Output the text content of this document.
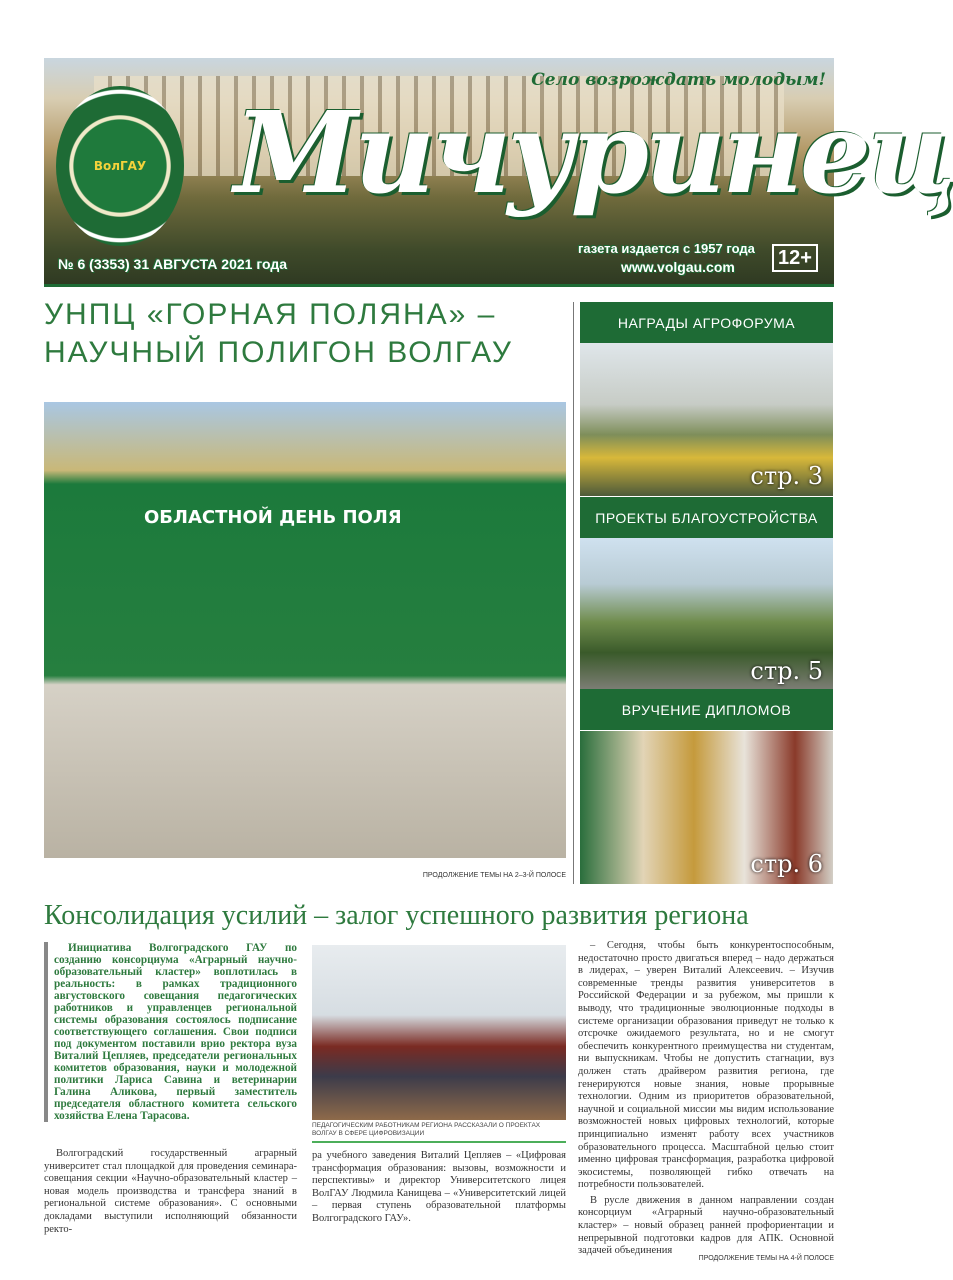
ВолГАУ
Село возрождать молодым!
Мичуринец
№ 6 (3353) 31 АВГУСТА 2021 года
газета издается с 1957 года
www.volgau.com	12+
УНПЦ «ГОРНАЯ ПОЛЯНА» – НАУЧНЫЙ ПОЛИГОН ВОЛГАУ
ОБЛАСТНОЙ ДЕНЬ ПОЛЯ
ПРОДОЛЖЕНИЕ ТЕМЫ НА 2–3-Й ПОЛОСЕ
НАГРАДЫ АГРОФОРУМА
стр. 3
ПРОЕКТЫ БЛАГОУСТРОЙСТВА
стр. 5
ВРУЧЕНИЕ ДИПЛОМОВ
стр. 6
Консолидация усилий – залог успешного развития региона

Инициатива Волгоградского ГАУ по созданию консорциума «Аграрный научно-образовательный кластер» воплотилась в реальность: в рамках традиционного августовского совещания педагогических работников и управленцев региональной системы образования состоялось подписание соответствующего соглашения. Свои подписи под документом поставили врио ректора вуза Виталий Цепляев, председатели региональных комитетов образования, науки и молодежной политики Лариса Савина и ветеринарии Галина Аликова, первый заместитель председателя областного комитета сельского хозяйства Елена Тарасова.

Волгоградский государственный аграрный университет стал площадкой для проведения семинара-совещания секции «Научно-образовательный кластер – новая модель производства и трансфера знаний в региональной системе образования». С основными докладами выступили исполняющий обязанности ректо-

ПЕДАГОГИЧЕСКИМ РАБОТНИКАМ РЕГИОНА РАССКАЗАЛИ О ПРОЕКТАХ ВОЛГАУ В СФЕРЕ ЦИФРОВИЗАЦИИ

ра учебного заведения Виталий Цепляев – «Цифровая трансформация образования: вызовы, возможности и перспективы» и директор Университетского лицея ВолГАУ Людмила Канищева – «Университетский лицей – первая ступень образовательной платформы Волгоградского ГАУ».

– Сегодня, чтобы быть конкурентоспособным, недостаточно просто двигаться вперед – надо держаться в лидерах, – уверен Виталий Алексеевич. – Изучив современные тренды развития университетов в Российской Федерации и за рубежом, мы пришли к выводу, что традиционные эволюционные подходы в системе организации образования приведут не только к отсрочке ожидаемого результата, но и не смогут обеспечить конкурентного преимущества ни студентам, ни выпускникам. Чтобы не допустить стагнации, вуз должен стать драйвером развития региона, где генерируются новые знания, новые прорывные технологии. Одним из приоритетов образовательной, научной и социальной миссии мы видим использование возможностей новых цифровых технологий, которые принципиально изменят работу всех участников образовательного процесса. Масштабной целью стоит именно цифровая трансформация, разработка цифровой экосистемы, позволяющей гибко отвечать на потребности пользователей.

В русле движения в данном направлении создан консорциум «Аграрный научно-образовательный кластер» – новый образец ранней профориентации и непрерывной подготовки кадров для АПК. Основной задачей объединения

ПРОДОЛЖЕНИЕ ТЕМЫ НА 4-Й ПОЛОСЕ
